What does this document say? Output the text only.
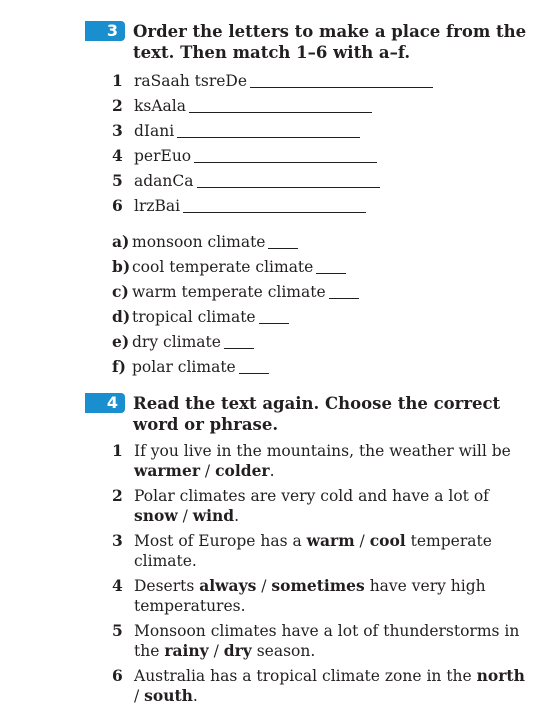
3 Order the letters to make a place from the text. Then match 1–6 with a–f.
1 raSaah tsreDe
2 ksAala
3 dIani
4 perEuo
5 adanCa
6 lrzBai
a) monsoon climate
b) cool temperate climate
c) warm temperate climate
d) tropical climate
e) dry climate
f) polar climate
4 Read the text again. Choose the correct word or phrase.
1 If you live in the mountains, the weather will be warmer / colder.
2 Polar climates are very cold and have a lot of snow / wind.
3 Most of Europe has a warm / cool temperate climate.
4 Deserts always / sometimes have very high temperatures.
5 Monsoon climates have a lot of thunderstorms in the rainy / dry season.
6 Australia has a tropical climate zone in the north / south.
